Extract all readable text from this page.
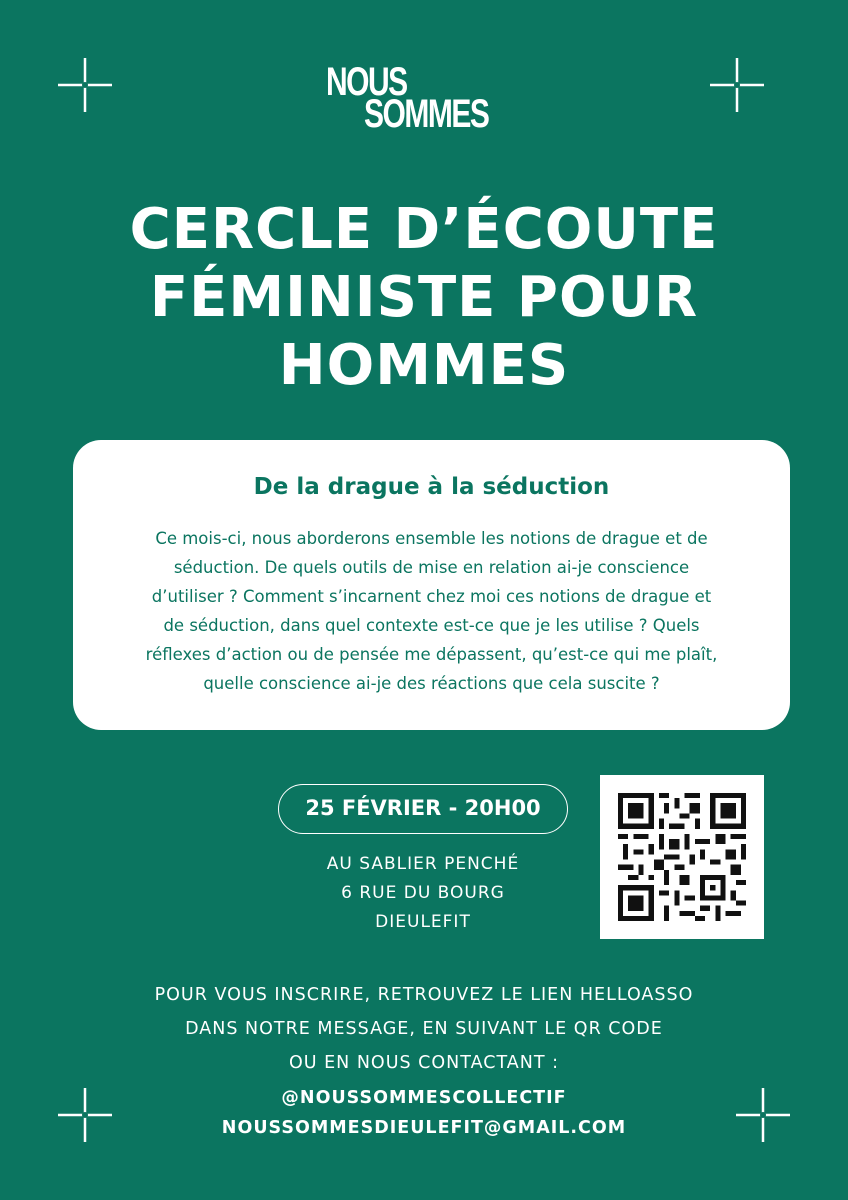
NOUS
SOMMES
CERCLE D’ÉCOUTE
FÉMINISTE POUR
HOMMES
De la drague à la séduction
Ce mois-ci, nous aborderons ensemble les notions de drague et de
séduction. De quels outils de mise en relation ai-je conscience
d’utiliser ? Comment s’incarnent chez moi ces notions de drague et
de séduction, dans quel contexte est-ce que je les utilise ? Quels
réflexes d’action ou de pensée me dépassent, qu’est-ce qui me plaît,
quelle conscience ai-je des réactions que cela suscite ?
25 FÉVRIER - 20H00
AU SABLIER PENCHÉ
6 RUE DU BOURG
DIEULEFIT
POUR VOUS INSCRIRE, RETROUVEZ LE LIEN HELLOASSO
DANS NOTRE MESSAGE, EN SUIVANT LE QR CODE
OU EN NOUS CONTACTANT :
@NOUSSOMMESCOLLECTIF
NOUSSOMMESDIEULEFIT@GMAIL.COM
